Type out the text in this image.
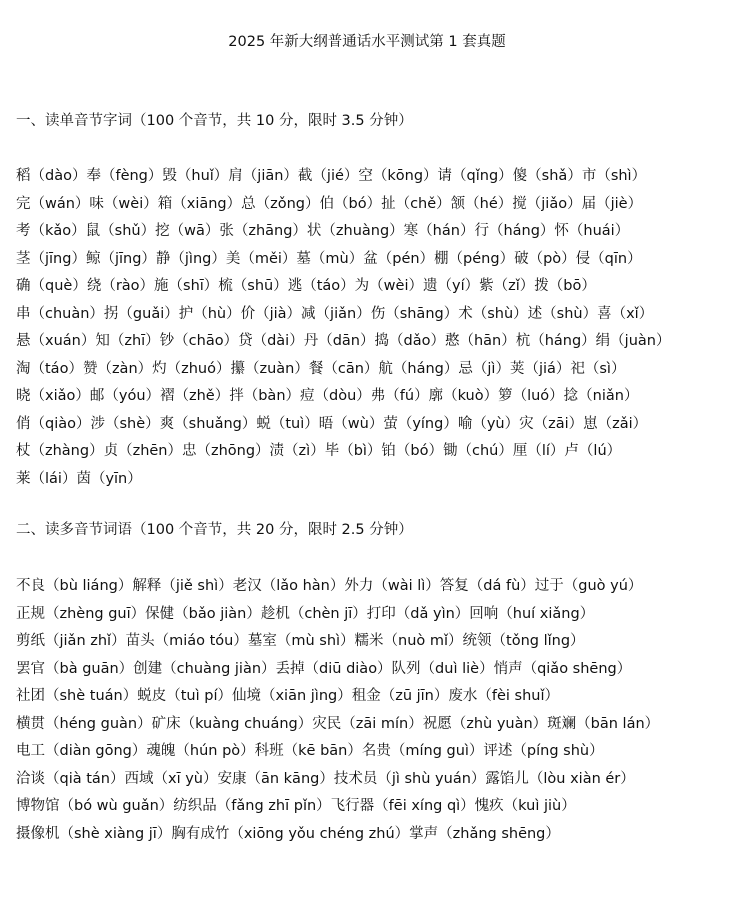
2025 年新大纲普通话水平测试第 1 套真题
一、读单音节字词（100 个音节，共 10 分，限时 3.5 分钟）
稻（dào）奉（fèng）毁（huǐ）肩（jiān）截（jié）空（kōng）请（qǐng）傻（shǎ）市（shì）
完（wán）味（wèi）箱（xiāng）总（zǒng）伯（bó）扯（chě）颔（hé）搅（jiǎo）届（jiè）
考（kǎo）鼠（shǔ）挖（wā）张（zhāng）状（zhuàng）寒（hán）行（háng）怀（huái）
茎（jīng）鲸（jīng）静（jìng）美（měi）墓（mù）盆（pén）棚（péng）破（pò）侵（qīn）
确（què）绕（rào）施（shī）梳（shū）逃（táo）为（wèi）遗（yí）紫（zǐ）拨（bō）
串（chuàn）拐（guǎi）护（hù）价（jià）减（jiǎn）伤（shāng）术（shù）述（shù）喜（xǐ）
悬（xuán）知（zhī）钞（chāo）贷（dài）丹（dān）捣（dǎo）憨（hān）杭（háng）绢（juàn）
淘（táo）赞（zàn）灼（zhuó）攥（zuàn）餐（cān）航（háng）忌（jì）荚（jiá）祀（sì）
晓（xiǎo）邮（yóu）褶（zhě）拌（bàn）痘（dòu）弗（fú）廓（kuò）箩（luó）捻（niǎn）
俏（qiào）涉（shè）爽（shuǎng）蜕（tuì）晤（wù）萤（yíng）喻（yù）灾（zāi）崽（zǎi）
杖（zhàng）贞（zhēn）忠（zhōng）渍（zì）毕（bì）铂（bó）锄（chú）厘（lí）卢（lú）
莱（lái）茵（yīn）
二、读多音节词语（100 个音节，共 20 分，限时 2.5 分钟）
不良（bù liáng）解释（jiě shì）老汉（lǎo hàn）外力（wài lì）答复（dá fù）过于（guò yú）
正规（zhèng guī）保健（bǎo jiàn）趁机（chèn jī）打印（dǎ yìn）回响（huí xiǎng）
剪纸（jiǎn zhǐ）苗头（miáo tóu）墓室（mù shì）糯米（nuò mǐ）统领（tǒng lǐng）
罢官（bà guān）创建（chuàng jiàn）丢掉（diū diào）队列（duì liè）悄声（qiǎo shēng）
社团（shè tuán）蜕皮（tuì pí）仙境（xiān jìng）租金（zū jīn）废水（fèi shuǐ）
横贯（héng guàn）矿床（kuàng chuáng）灾民（zāi mín）祝愿（zhù yuàn）斑斓（bān lán）
电工（diàn gōng）魂魄（hún pò）科班（kē bān）名贵（míng guì）评述（píng shù）
洽谈（qià tán）西域（xī yù）安康（ān kāng）技术员（jì shù yuán）露馅儿（lòu xiàn ér）
博物馆（bó wù guǎn）纺织品（fǎng zhī pǐn）飞行器（fēi xíng qì）愧疚（kuì jiù）
摄像机（shè xiàng jī）胸有成竹（xiōng yǒu chéng zhú）掌声（zhǎng shēng）
